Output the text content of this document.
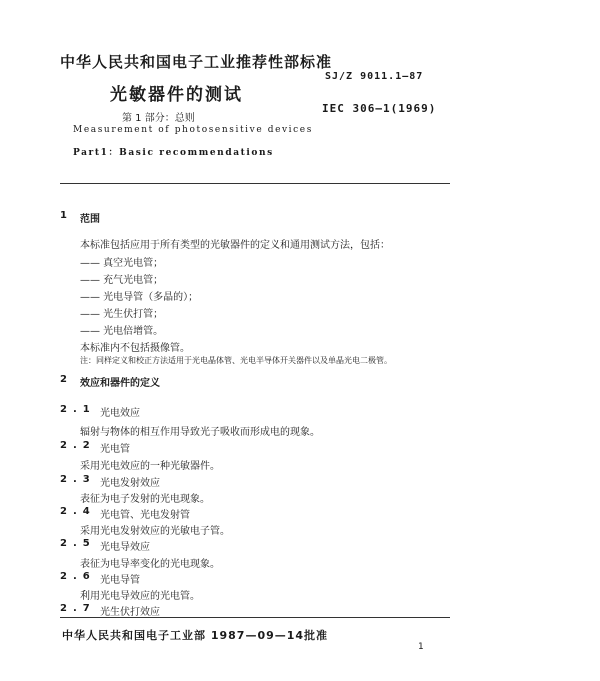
中华人民共和国电子工业推荐性部标准
光敏器件的测试
SJ/Z 9011.1—87
IEC 306—1(1969)
第 1 部分：总则
Measurement of photosensitive devices
Part1：Basic recommendations
1 范围
本标准包括应用于所有类型的光敏器件的定义和通用测试方法，包括：
—— 真空光电管；
—— 充气光电管；
—— 光电导管（多晶的）；
—— 光生伏打管；
—— 光电倍增管。
本标准内不包括摄像管。
注：同样定义和校正方法适用于光电晶体管、光电半导体开关器件以及单晶光电二极管。
2 效应和器件的定义
2.1 光电效应
辐射与物体的相互作用导致光子吸收而形成电的现象。
2.2 光电管
采用光电效应的一种光敏器件。
2.3 光电发射效应
表征为电子发射的光电现象。
2.4 光电管、光电发射管
采用光电发射效应的光敏电子管。
2.5 光电导效应
表征为电导率变化的光电现象。
2.6 光电导管
利用光电导效应的光电管。
2.7 光生伏打效应
中华人民共和国电子工业部 1987—09—14批准
1
